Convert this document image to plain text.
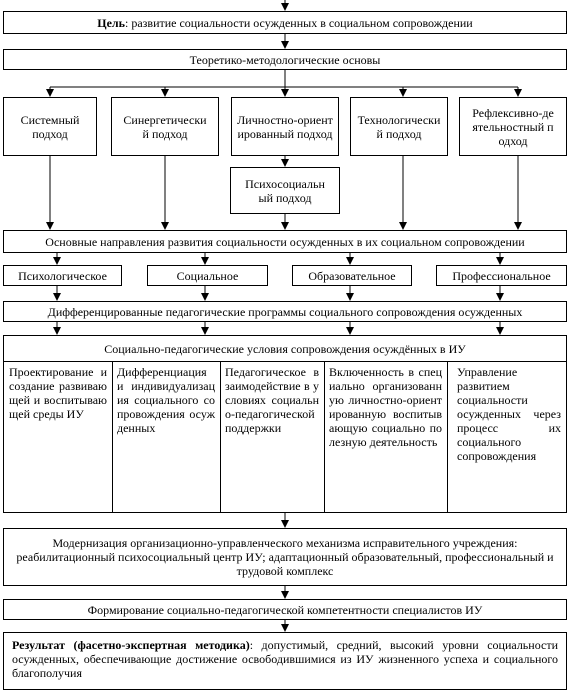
Цель: развитие социальности осужденных в социальном сопровождении
Теоретико-методологические основы
Системный подход
Синергетический подход
Личностно-ориентированный подход
Технологический подход
Рефлексивно-деятельностный подход
Психосоциальный подход
Основные направления развития социальности осужденных в их социальном сопровождении
Психологическое	Социальное	Образовательное	Профессиональное
Дифференцированные педагогические программы социального сопровождения осужденных
Социально-педагогические условия сопровождения осуждённых в ИУ
Проектирование и создание развивающей и воспитывающей среды ИУ
Дифференциация и индивидуализация социального сопровождения осужденных
Педагогическое взаимодействие в условиях социально-педагогической поддержки
Включенность в специально организованную личностно-ориентированную воспитывающую социально полезную деятельность
Управление развитием социальности осужденных через процесс их социального сопровождения
Модернизация организационно-управленческого механизма исправительного учреждения: реабилитационный психосоциальный центр ИУ; адаптационный образовательный, профессиональный и трудовой комплекс
Формирование социально-педагогической компетентности специалистов ИУ
Результат (фасетно-экспертная методика): допустимый, средний, высокий уровни социальности осужденных, обеспечивающие достижение освободившимися из ИУ жизненного успеха и социального благополучия
